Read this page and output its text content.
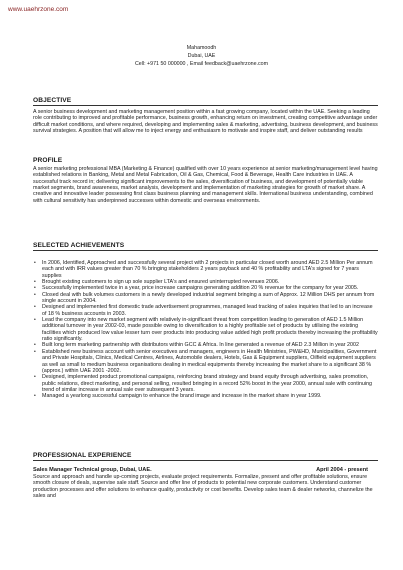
www.uaehrzone.com
Mahamoodh
Dubai, UAE
Cell: +971 50 000000 , Email feedback@uaehrzone.com
OBJECTIVE

A senior business development and marketing management position within a fast growing company, located within the UAE. Seeking a leading role contributing to improved and profitable performance, business growth, enhancing return on investment, creating competitive advantage under difficult market conditions, and where required, developing and implementing sales & marketing, advertising, business development, and business survival strategies. A position that will allow me to inject energy and enthusiasm to motivate and inspire staff, and deliver outstanding results

PROFILE

A senior marketing professional MBA (Marketing & Finance) qualified with over 10 years experience at senior marketing/management level having established relations in Banking, Metal and Metal Fabrication, Oil & Gas, Chemical, Food & Beverage, Health Care industries in UAE. A successful track record in; delivering significant improvements to the sales, diversification of business, and development of potentially viable market segments, brand awareness, market analysis, development and implementation of marketing strategies for growth of market share. A creative and innovative leader possessing first class business planning and management skills. International business understanding, combined with cultural sensitivity has underpinned successes within domestic and overseas environments.

SELECTED ACHIEVEMENTS
• In 2006, Identified, Approached and successfully several project with 2 projects in particular closed worth around AED 2.5 Million Per annum each and with IRR values greater than 70 % bringing stakeholders 2 years payback and 40 % profitability and LTA's signed for 7 years supplies
• Brought existing customers to sign up sole supplier LTA's and ensured uninterrupted revenues 2006.
• Successfully implemented twice in a year, price increase campaigns generating addition 20 % revenue for the company for year 2005.
• Closed deal with bulk volumes customers in a newly developed industrial segment bringing a sum of Approx. 12 Million DHS per annum from single account in 2004.
• Designed and implemented first domestic trade advertisement programmes, managed lead tracking of sales inquiries that led to an increase of 18 % business accounts in 2003.
• Lead the company into new market segment with relatively in-significant threat from competition leading to generation of AED 1.5 Million additional turnover in year 2002-03, made possible owing to diversification to a highly profitable set of products by utilising the existing facilities which produced low value lesser turn over products into producing value added high profit products thereby increasing the profitability ratio significantly.
• Built long term marketing partnership with distributors within GCC & Africa. In line generated a revenue of AED 2.3 Million in year 2002
• Established new business account with senior executives and managers, engineers in Health Ministries, PW&HD, Municipalities, Government and Private Hospitals, Clinics, Medical Centres, Airlines, Automobile dealers, Hotels, Gas & Equipment suppliers, Oilfield equipment suppliers as well as small to medium business organisations dealing in medical equipments thereby increasing the market share to a significant 38 % (approx.) within UAE 2001 -2002.
• Designed, implemented product promotional campaigns, reinforcing brand strategy and brand equity through advertising, sales promotion, public relations, direct marketing, and personal selling, resulted bringing in a record 52% boost in the year 2000, annual sale with continuing trend of similar increase in annual sale over subsequent 3 years.
• Managed a yearlong successful campaign to enhance the brand image and increase in the market share in year 1999.
PROFESSIONAL EXPERIENCE
Sales Manager Technical group, Dubai, UAE.	April 2004 - present

Source and approach and handle up-coming projects, evaluate project requirements. Formalize, present and offer profitable solutions, ensure smooth closure of deals, supervise sale staff. Source and offer line of products to potential new corporate customers. Understand customer production processes and offer solutions to enhance quality, productivity or cost benefits. Develop sales team & dealer networks, channelize the sales and
